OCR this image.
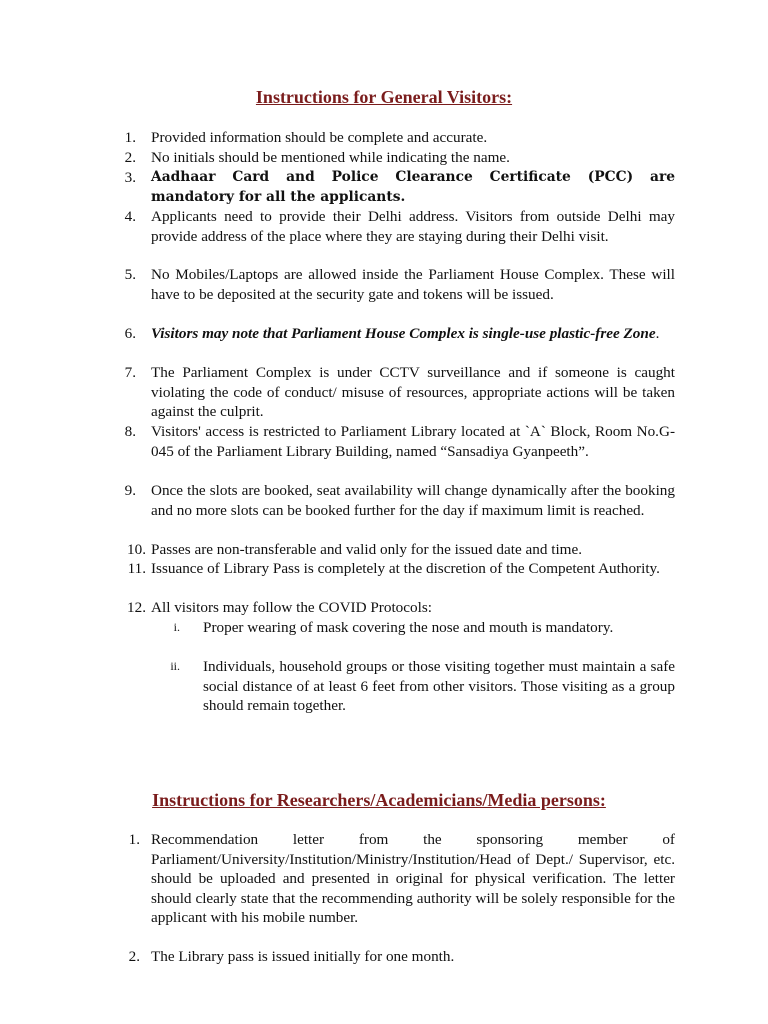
Instructions for General Visitors:
1. Provided information should be complete and accurate.
2. No initials should be mentioned while indicating the name.
3. Aadhaar Card and Police Clearance Certificate (PCC) are mandatory for all the applicants.
4. Applicants need to provide their Delhi address. Visitors from outside Delhi may provide address of the place where they are staying during their Delhi visit.
5. No Mobiles/Laptops are allowed inside the Parliament House Complex. These will have to be deposited at the security gate and tokens will be issued.
6. Visitors may note that Parliament House Complex is single-use plastic-free Zone.
7. The Parliament Complex is under CCTV surveillance and if someone is caught violating the code of conduct/ misuse of resources, appropriate actions will be taken against the culprit.
8. Visitors' access is restricted to Parliament Library located at `A` Block, Room No.G-045 of the Parliament Library Building, named “Sansadiya Gyanpeeth”.
9. Once the slots are booked, seat availability will change dynamically after the booking and no more slots can be booked further for the day if maximum limit is reached.
10. Passes are non-transferable and valid only for the issued date and time.
11. Issuance of Library Pass is completely at the discretion of the Competent Authority.
12. All visitors may follow the COVID Protocols:
i. Proper wearing of mask covering the nose and mouth is mandatory.
ii. Individuals, household groups or those visiting together must maintain a safe social distance of at least 6 feet from other visitors. Those visiting as a group should remain together.
Instructions for Researchers/Academicians/Media persons:
1. Recommendation letter from the sponsoring member of Parliament/University/Institution/Ministry/Institution/Head of Dept./ Supervisor, etc. should be uploaded and presented in original for physical verification. The letter should clearly state that the recommending authority will be solely responsible for the applicant with his mobile number.
2. The Library pass is issued initially for one month.
